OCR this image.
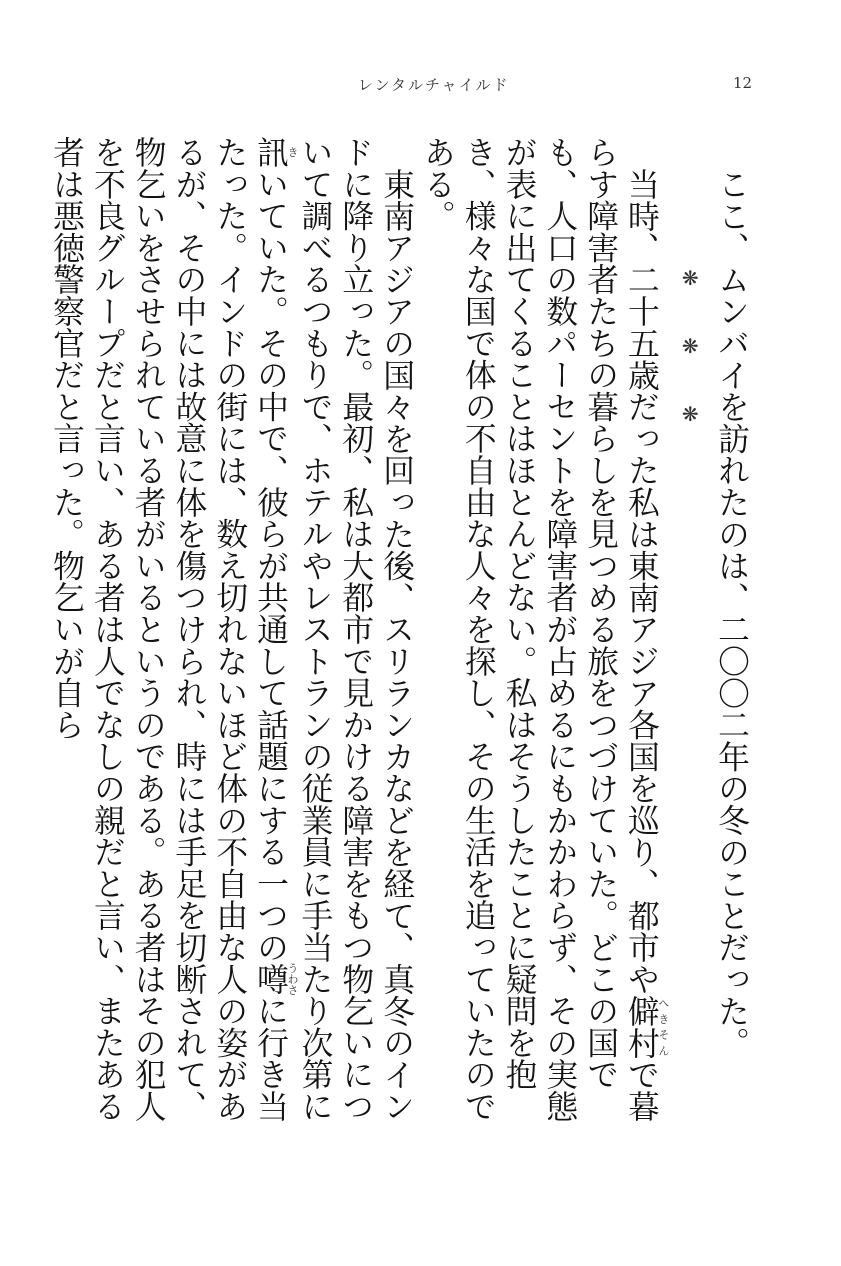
レンタルチャイルド	12

ここ、ムンバイを訪れたのは、二〇〇二年の冬のことだった。

❋❋❋

当時、二十五歳だった私は東南アジア各国を巡り、都市や僻村へきそんで暮らす障害者たちの暮らしを見つめる旅をつづけていた。どこの国でも、人口の数パーセントを障害者が占めるにもかかわらず、その実態が表に出てくることはほとんどない。私はそうしたことに疑問を抱き、様々な国で体の不自由な人々を探し、その生活を追っていたのである。

東南アジアの国々を回った後、スリランカなどを経て、真冬のインドに降り立った。最初、私は大都市で見かける障害をもつ物乞いについて調べるつもりで、ホテルやレストランの従業員に手当たり次第に訊きいていた。その中で、彼らが共通して話題にする一つの噂うわさに行き当たった。インドの街には、数え切れないほど体の不自由な人の姿があるが、その中には故意に体を傷つけられ、時には手足を切断されて、物乞いをさせられている者がいるというのである。ある者はその犯人を不良グループだと言い、ある者は人でなしの親だと言い、またある者は悪徳警察官だと言った。物乞いが自ら
